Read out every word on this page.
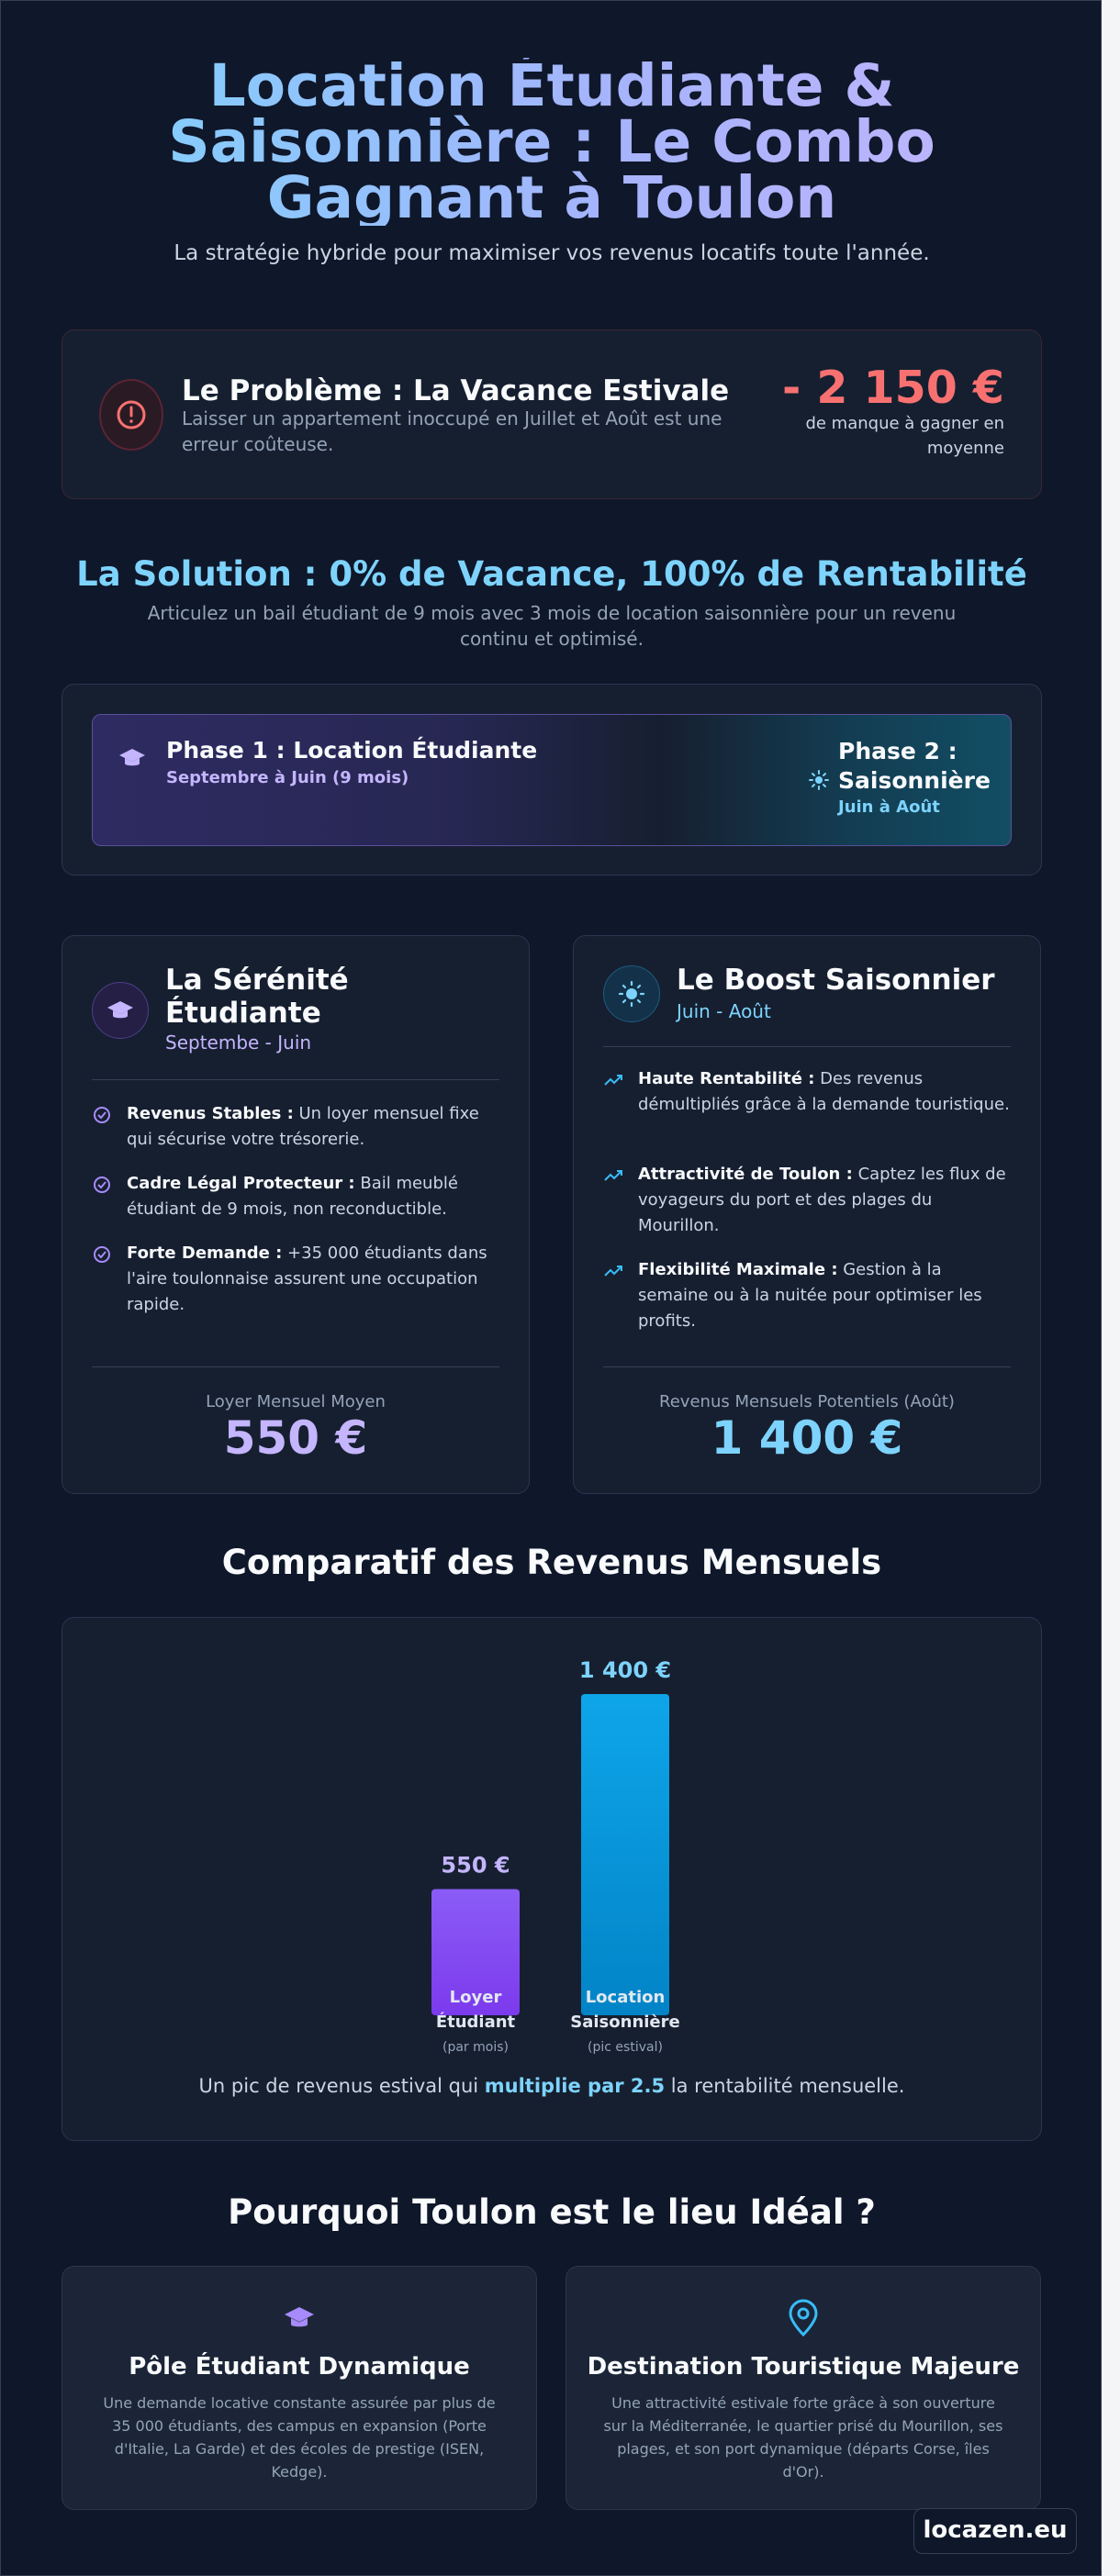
Location Étudiante & Saisonnière : Le Combo Gagnant à Toulon
La stratégie hybride pour maximiser vos revenus locatifs toute l'année.
Le Problème : La Vacance Estivale
Laisser un appartement inoccupé en Juillet et Août est une erreur coûteuse.
- 2 150 €
de manque à gagner en moyenne
La Solution : 0% de Vacance, 100% de Rentabilité
Articulez un bail étudiant de 9 mois avec 3 mois de location saisonnière pour un revenu continu et optimisé.
Phase 1 : Location Étudiante
Septembre à Juin (9 mois)
Phase 2 : Saisonnière
Juin à Août
La Sérénité Étudiante
Septembe - Juin
Revenus Stables : Un loyer mensuel fixe qui sécurise votre trésorerie.
Cadre Légal Protecteur : Bail meublé étudiant de 9 mois, non reconductible.
Forte Demande : +35 000 étudiants dans l'aire toulonnaise assurent une occupation rapide.
Loyer Mensuel Moyen
550 €
Le Boost Saisonnier
Juin - Août
Haute Rentabilité : Des revenus démultipliés grâce à la demande touristique.
Attractivité de Toulon : Captez les flux de voyageurs du port et des plages du Mourillon.
Flexibilité Maximale : Gestion à la semaine ou à la nuitée pour optimiser les profits.
Revenus Mensuels Potentiels (Août)
1 400 €
Comparatif des Revenus Mensuels
550 €
Loyer
Étudiant
(par mois)
1 400 €
Location
Saisonnière
(pic estival)
Un pic de revenus estival qui multiplie par 2.5 la rentabilité mensuelle.
Pourquoi Toulon est le lieu Idéal ?
Pôle Étudiant Dynamique
Une demande locative constante assurée par plus de 35 000 étudiants, des campus en expansion (Porte d'Italie, La Garde) et des écoles de prestige (ISEN, Kedge).
Destination Touristique Majeure
Une attractivité estivale forte grâce à son ouverture sur la Méditerranée, le quartier prisé du Mourillon, ses plages, et son port dynamique (départs Corse, îles d'Or).
locazen.eu
